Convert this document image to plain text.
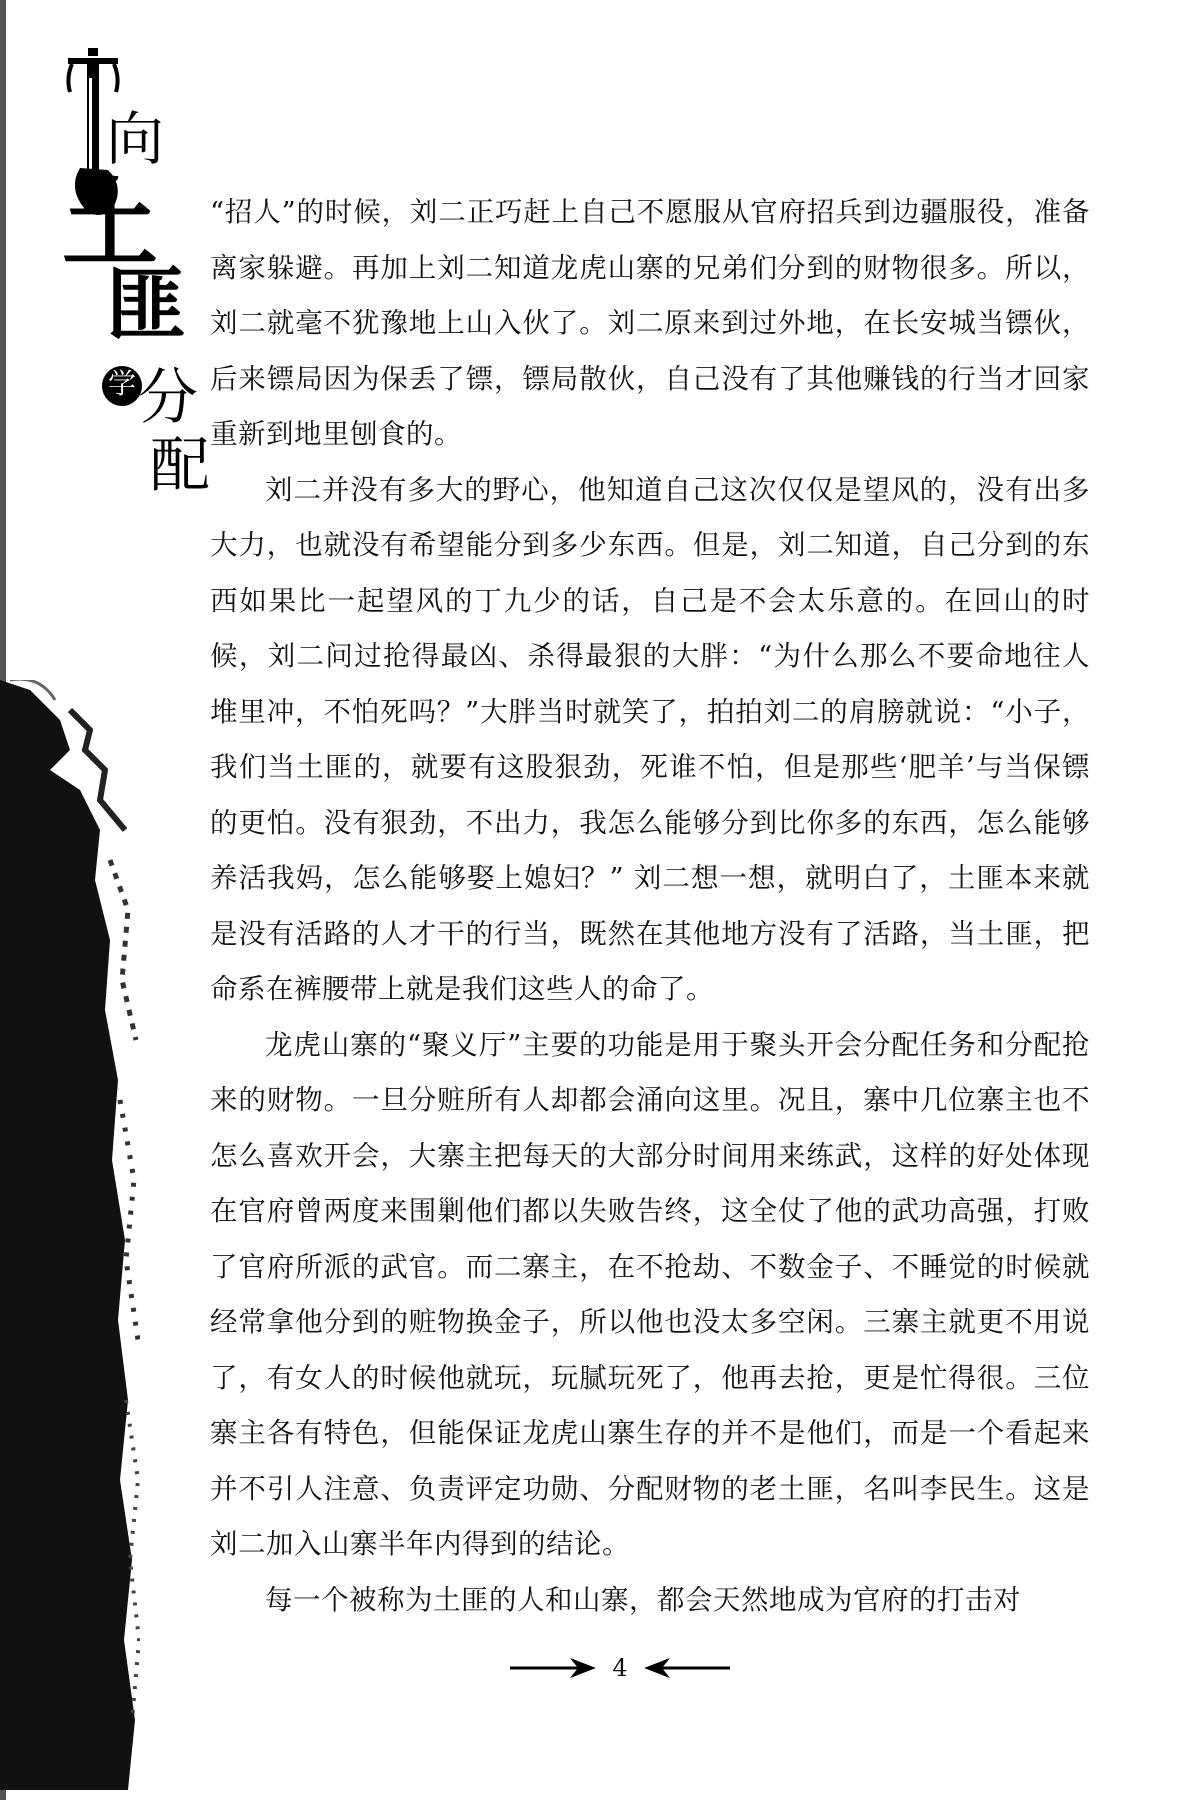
向
土
匪
学 分
配

“招人”的时候，刘二正巧赶上自己不愿服从官府招兵到边疆服役，准备离家躲避。再加上刘二知道龙虎山寨的兄弟们分到的财物很多。所以，刘二就毫不犹豫地上山入伙了。刘二原来到过外地，在长安城当镖伙，后来镖局因为保丢了镖，镖局散伙，自己没有了其他赚钱的行当才回家重新到地里刨食的。

刘二并没有多大的野心，他知道自己这次仅仅是望风的，没有出多大力，也就没有希望能分到多少东西。但是，刘二知道，自己分到的东西如果比一起望风的丁九少的话，自己是不会太乐意的。在回山的时候，刘二问过抢得最凶、杀得最狠的大胖：“为什么那么不要命地往人堆里冲，不怕死吗？”大胖当时就笑了，拍拍刘二的肩膀就说：“小子，我们当土匪的，就要有这股狠劲，死谁不怕，但是那些‘肥羊’与当保镖的更怕。没有狠劲，不出力，我怎么能够分到比你多的东西，怎么能够养活我妈，怎么能够娶上媳妇？” 刘二想一想，就明白了，土匪本来就是没有活路的人才干的行当，既然在其他地方没有了活路，当土匪，把命系在裤腰带上就是我们这些人的命了。

龙虎山寨的“聚义厅”主要的功能是用于聚头开会分配任务和分配抢来的财物。一旦分赃所有人却都会涌向这里。况且，寨中几位寨主也不怎么喜欢开会，大寨主把每天的大部分时间用来练武，这样的好处体现在官府曾两度来围剿他们都以失败告终，这全仗了他的武功高强，打败了官府所派的武官。而二寨主，在不抢劫、不数金子、不睡觉的时候就经常拿他分到的赃物换金子，所以他也没太多空闲。三寨主就更不用说了，有女人的时候他就玩，玩腻玩死了，他再去抢，更是忙得很。三位寨主各有特色，但能保证龙虎山寨生存的并不是他们，而是一个看起来并不引人注意、负责评定功勋、分配财物的老土匪，名叫李民生。这是刘二加入山寨半年内得到的结论。

每一个被称为土匪的人和山寨，都会天然地成为官府的打击对

4
